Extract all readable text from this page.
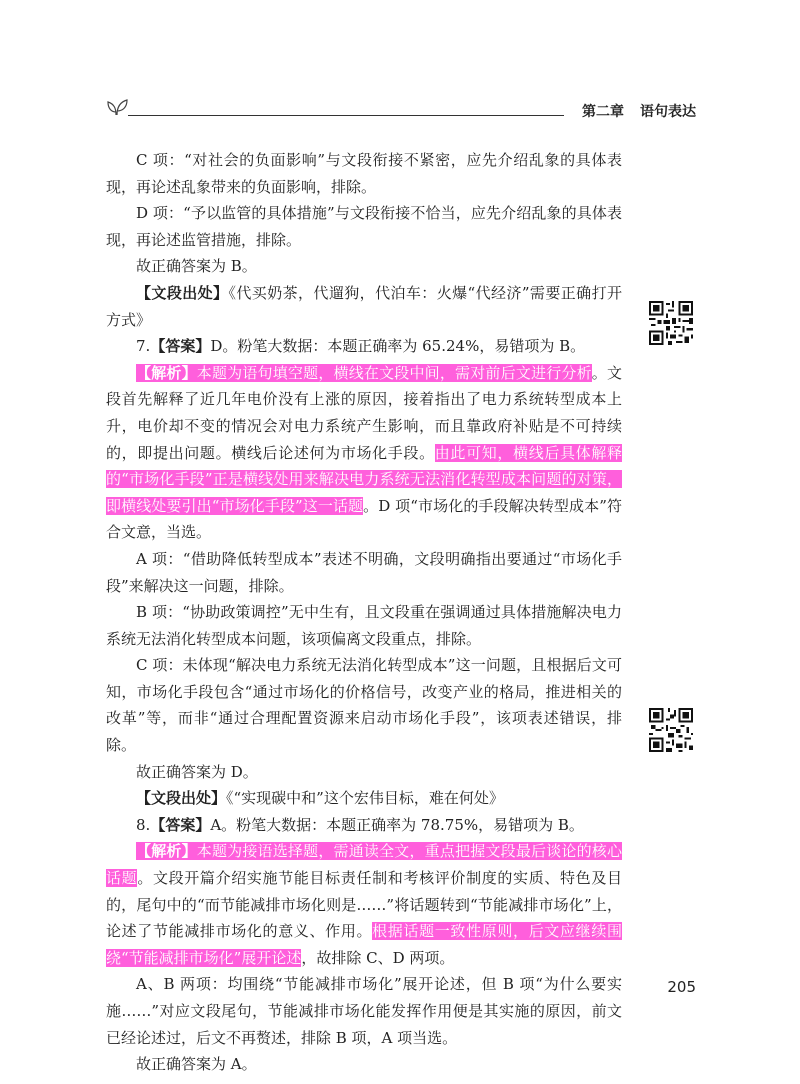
第二章 语句表达

C 项：“对社会的负面影响”与文段衔接不紧密，应先介绍乱象的具体表现，再论述乱象带来的负面影响，排除。

D 项：“予以监管的具体措施”与文段衔接不恰当，应先介绍乱象的具体表现，再论述监管措施，排除。

故正确答案为 B。

【文段出处】《代买奶茶，代遛狗，代泊车：火爆“代经济”需要正确打开方式》

7.【答案】D。粉笔大数据：本题正确率为 65.24%，易错项为 B。

【解析】本题为语句填空题，横线在文段中间，需对前后文进行分析。文段首先解释了近几年电价没有上涨的原因，接着指出了电力系统转型成本上升，电价却不变的情况会对电力系统产生影响，而且靠政府补贴是不可持续的，即提出问题。横线后论述何为市场化手段。由此可知，横线后具体解释的“市场化手段”正是横线处用来解决电力系统无法消化转型成本问题的对策，即横线处要引出“市场化手段”这一话题。D 项“市场化的手段解决转型成本”符合文意，当选。

A 项：“借助降低转型成本”表述不明确，文段明确指出要通过“市场化手段”来解决这一问题，排除。

B 项：“协助政策调控”无中生有，且文段重在强调通过具体措施解决电力系统无法消化转型成本问题，该项偏离文段重点，排除。

C 项：未体现“解决电力系统无法消化转型成本”这一问题，且根据后文可知，市场化手段包含“通过市场化的价格信号，改变产业的格局，推进相关的改革”等，而非“通过合理配置资源来启动市场化手段”，该项表述错误，排除。

故正确答案为 D。

【文段出处】《“实现碳中和”这个宏伟目标，难在何处》

8.【答案】A。粉笔大数据：本题正确率为 78.75%，易错项为 B。

【解析】本题为接语选择题，需通读全文，重点把握文段最后谈论的核心话题。文段开篇介绍实施节能目标责任制和考核评价制度的实质、特色及目的，尾句中的“而节能减排市场化则是……”将话题转到“节能减排市场化”上，论述了节能减排市场化的意义、作用。根据话题一致性原则，后文应继续围绕“节能减排市场化”展开论述，故排除 C、D 两项。

A、B 两项：均围绕“节能减排市场化”展开论述，但 B 项“为什么要实施……”对应文段尾句，节能减排市场化能发挥作用便是其实施的原因，前文已经论述过，后文不再赘述，排除 B 项，A 项当选。

故正确答案为 A。

205
